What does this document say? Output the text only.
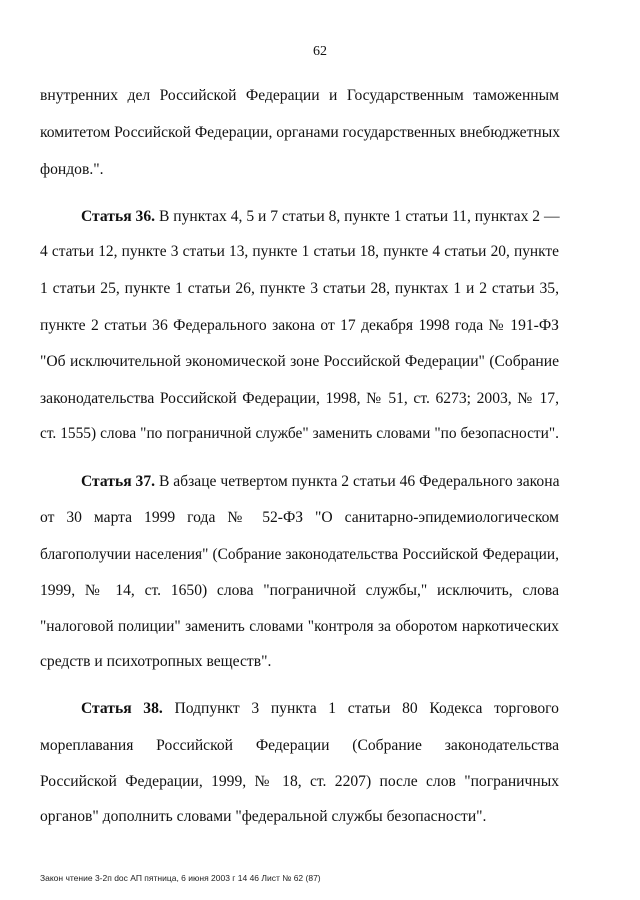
62
внутренних дел Российской Федерации и Государственным таможенным
комитетом Российской Федерации, органами государственных внебюджетных
фондов.".
Статья 36. В пунктах 4, 5 и 7 статьи 8, пункте 1 статьи 11, пунктах 2 —
4 статьи 12, пункте 3 статьи 13, пункте 1 статьи 18, пункте 4 статьи 20, пункте
1 статьи 25, пункте 1 статьи 26, пункте 3 статьи 28, пунктах 1 и 2 статьи 35,
пункте 2 статьи 36 Федерального закона от 17 декабря 1998 года № 191-ФЗ
"Об исключительной экономической зоне Российской Федерации" (Собрание
законодательства Российской Федерации, 1998, № 51, ст. 6273; 2003, № 17,
ст. 1555) слова "по пограничной службе" заменить словами "по безопасности".
Статья 37. В абзаце четвертом пункта 2 статьи 46 Федерального закона
от 30 марта 1999 года № 52-ФЗ "О санитарно-эпидемиологическом
благополучии населения" (Собрание законодательства Российской Федерации,
1999, № 14, ст. 1650) слова "пограничной службы," исключить, слова
"налоговой полиции" заменить словами "контроля за оборотом наркотических
средств и психотропных веществ".
Статья 38. Подпункт 3 пункта 1 статьи 80 Кодекса торгового
мореплавания Российской Федерации (Собрание законодательства
Российской Федерации, 1999, № 18, ст. 2207) после слов "пограничных
органов" дополнить словами "федеральной службы безопасности".
Закон чтение 3-2п doc АП пятница, 6 июня 2003 г 14 46 Лист № 62 (87)
